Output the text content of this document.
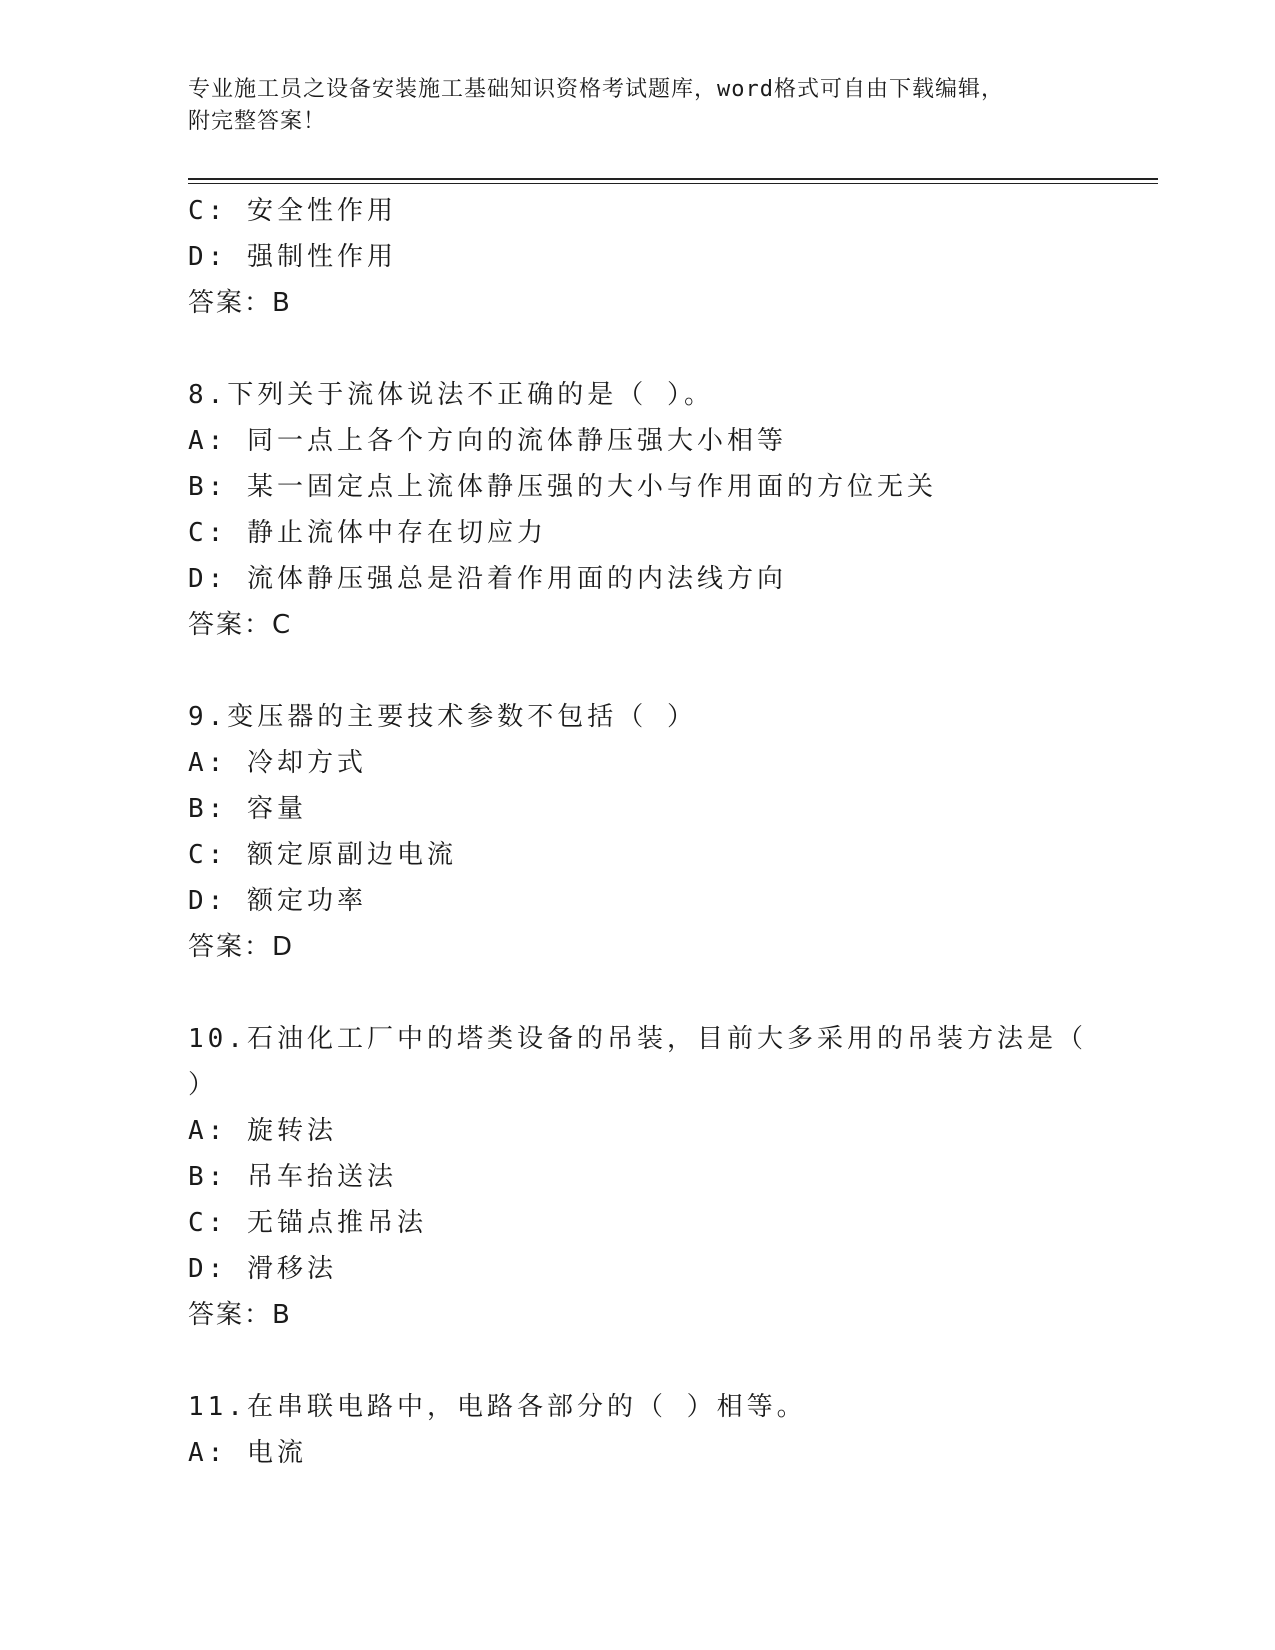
专业施工员之设备安装施工基础知识资格考试题库，word格式可自由下载编辑，
附完整答案！
C: 安全性作用
D: 强制性作用
答案：B
8.下列关于流体说法不正确的是（ ）。
A: 同一点上各个方向的流体静压强大小相等
B: 某一固定点上流体静压强的大小与作用面的方位无关
C: 静止流体中存在切应力
D: 流体静压强总是沿着作用面的内法线方向
答案：C
9.变压器的主要技术参数不包括（ ）
A: 冷却方式
B: 容量
C: 额定原副边电流
D: 额定功率
答案：D
10.石油化工厂中的塔类设备的吊装，目前大多采用的吊装方法是（
）
A: 旋转法
B: 吊车抬送法
C: 无锚点推吊法
D: 滑移法
答案：B
11.在串联电路中，电路各部分的（ ）相等。
A: 电流
